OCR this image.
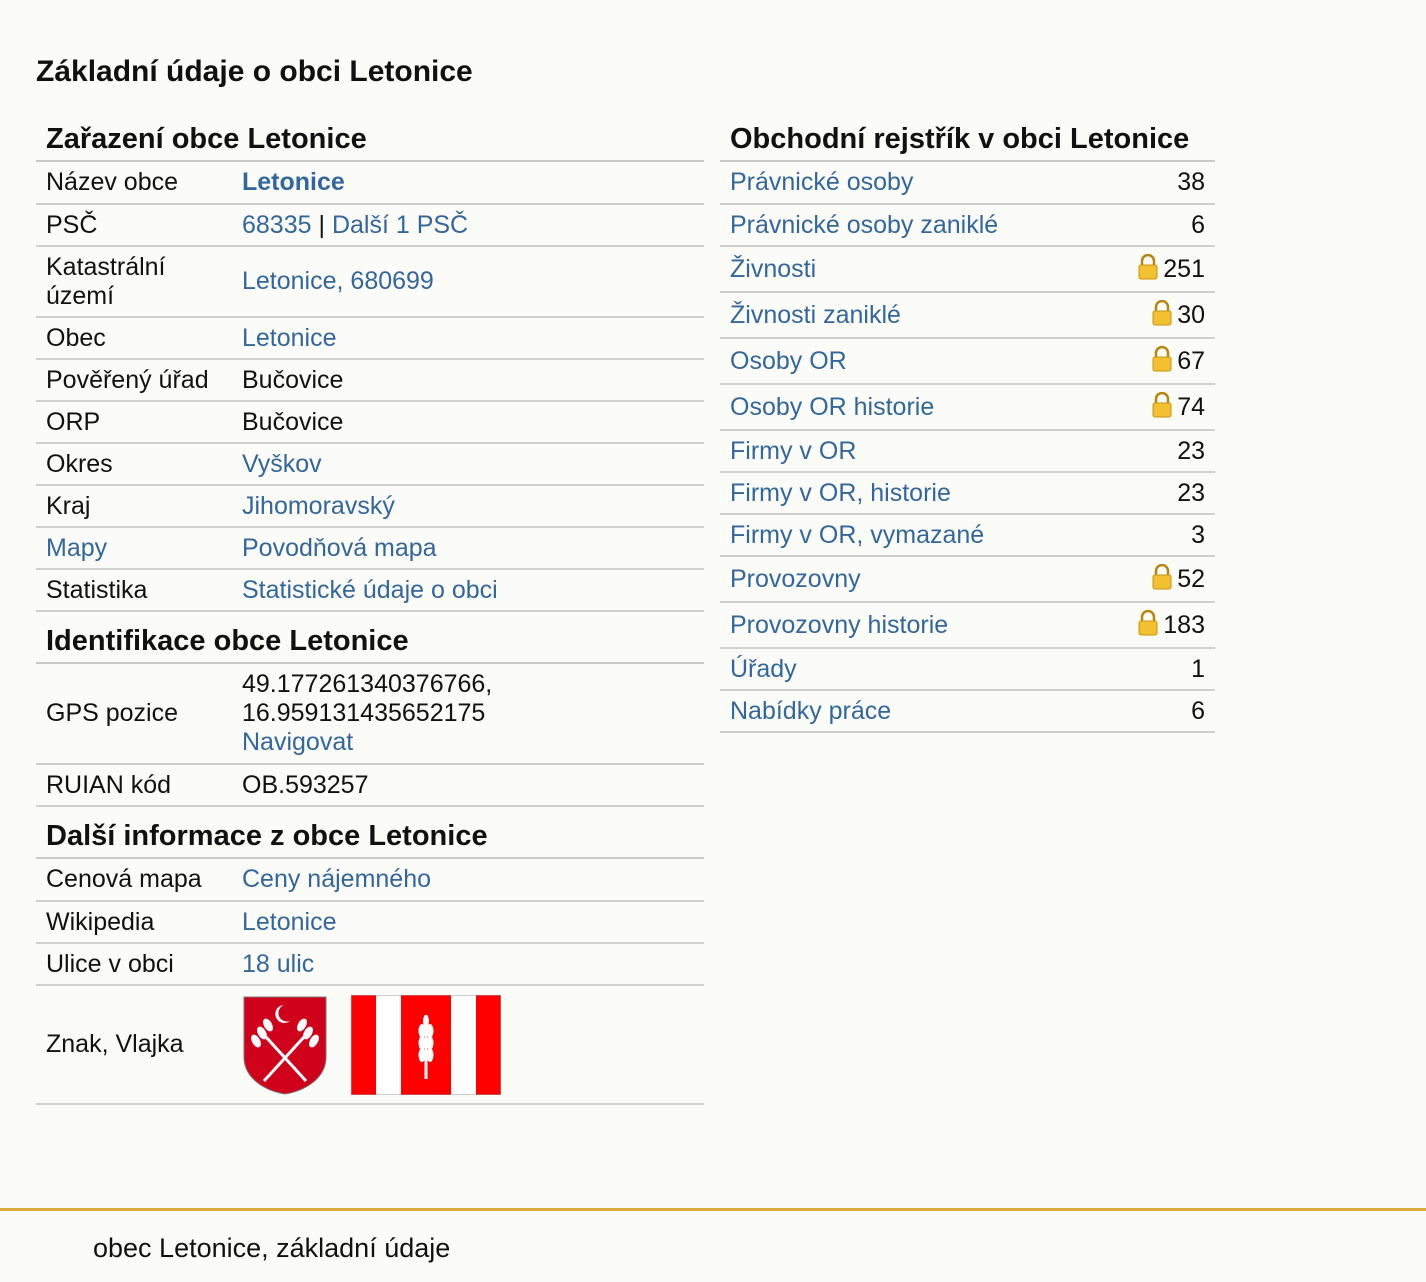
Základní údaje o obci Letonice
Zařazení obce Letonice
Název obce	Letonice
PSČ	68335 | Další 1 PSČ
Katastrální území	Letonice, 680699
Obec	Letonice
Pověřený úřad	Bučovice
ORP	Bučovice
Okres	Vyškov
Kraj	Jihomoravský
Mapy	Povodňová mapa
Statistika	Statistické údaje o obci
Identifikace obce Letonice
GPS pozice	49.177261340376766,
16.959131435652175
Navigovat
RUIAN kód	OB.593257
Další informace z obce Letonice
Cenová mapa	Ceny nájemného
Wikipedia	Letonice
Ulice v obci	18 ulic
Znak, Vlajka	
Obchodní rejstřík v obci Letonice
Právnické osoby	38
Právnické osoby zaniklé	6
Živnosti	251
Živnosti zaniklé	30
Osoby OR	67
Osoby OR historie	74
Firmy v OR	23
Firmy v OR, historie	23
Firmy v OR, vymazané	3
Provozovny	52
Provozovny historie	183
Úřady	1
Nabídky práce	6
obec Letonice, základní údaje
